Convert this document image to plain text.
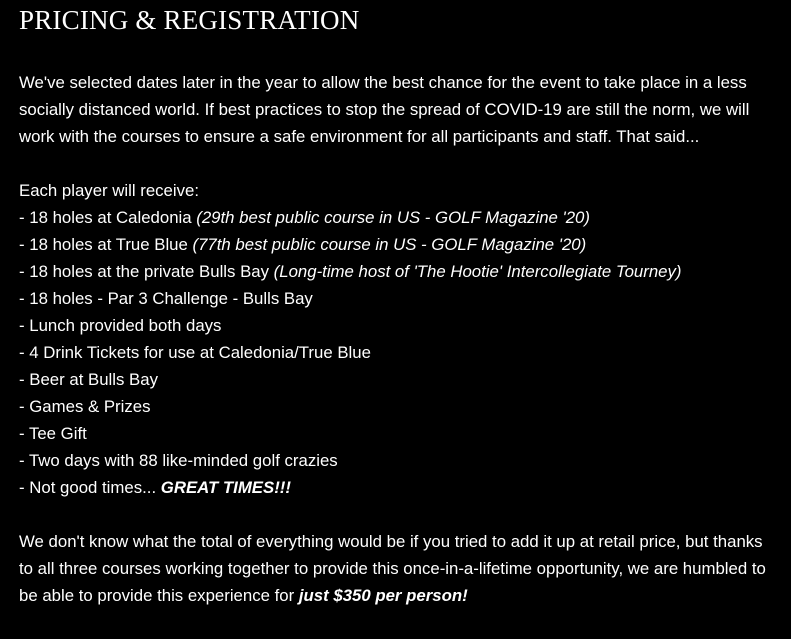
PRICING & REGISTRATION

We've selected dates later in the year to allow the best chance for the event to take place in a less socially distanced world. If best practices to stop the spread of COVID-19 are still the norm, we will work with the courses to ensure a safe environment for all participants and staff. That said...

Each player will receive:

- 18 holes at Caledonia (29th best public course in US - GOLF Magazine '20)
- 18 holes at True Blue (77th best public course in US - GOLF Magazine '20)
- 18 holes at the private Bulls Bay (Long-time host of 'The Hootie' Intercollegiate Tourney)
- 18 holes - Par 3 Challenge - Bulls Bay
- Lunch provided both days
- 4 Drink Tickets for use at Caledonia/True Blue
- Beer at Bulls Bay
- Games & Prizes
- Tee Gift
- Two days with 88 like-minded golf crazies
- Not good times... GREAT TIMES!!!

We don't know what the total of everything would be if you tried to add it up at retail price, but thanks to all three courses working together to provide this once-in-a-lifetime opportunity, we are humbled to be able to provide this experience for just $350 per person!
